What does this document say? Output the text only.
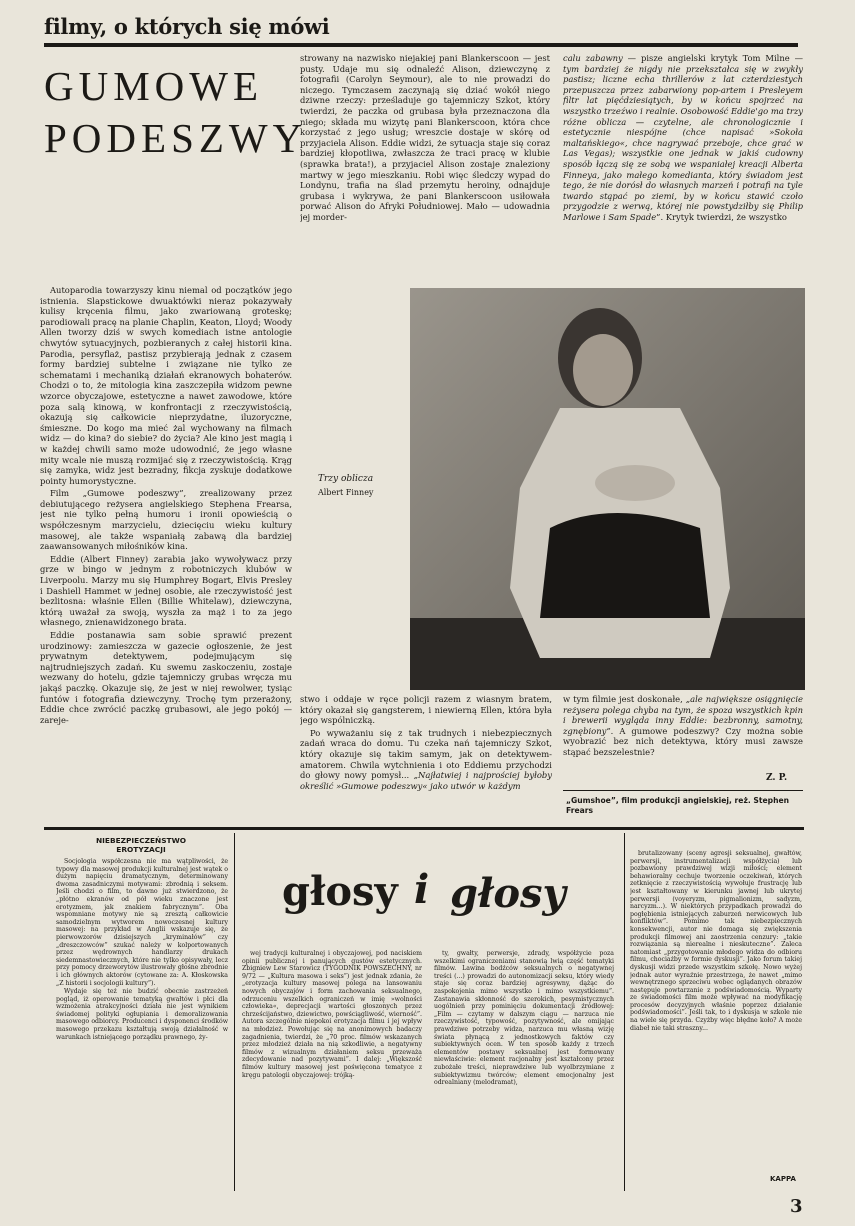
filmy, o których się mówi
GUMOWE
PODESZWY

strowany na nazwisko niejakiej pani Blankerscoon — jest pusty. Udaje mu się odnaleźć Alison, dziewczynę z fotografii (Carolyn Seymour), ale to nie prowadzi do niczego. Tymczasem zaczynają się dziać wokół niego dziwne rzeczy: prześladuje go tajemniczy Szkot, który twierdzi, że paczka od grubasa była przeznaczona dla niego; składa mu wizytę pani Blankerscoon, która chce korzystać z jego usług; wreszcie dostaje w skórę od przyjaciela Alison. Eddie widzi, że sytuacja staje się coraz bardziej kłopotliwa, zwłaszcza że traci pracę w klubie (sprawka brata!), a przyjaciel Alison zostaje znaleziony martwy w jego mieszkaniu. Robi więc śledczy wypad do Londynu, trafia na ślad przemytu heroiny, odnajduje grubasa i wykrywa, że pani Blankerscoon usiłowała porwać Alison do Afryki Południowej. Mało — udowadnia jej morder-

calu zabawny — pisze angielski krytyk Tom Milne — tym bardziej że nigdy nie przekształca się w zwykły pastisz; liczne echa thrillerów z lat czterdziestych przepuszcza przez zabarwiony pop-artem i Presleyem filtr lat pięćdziesiątych, by w końcu spojrzeć na wszystko trzeźwo i realnie. Osobowość Eddie'go ma trzy różne oblicza — czytelne, ale chronologicznie i estetycznie niespójne (chce napisać »Sokoła maltańskiego«, chce nagrywać przeboje, chce grać w Las Vegas); wszystkie one jednak w jakiś cudowny sposób łączą się ze sobą we wspaniałej kreacji Alberta Finneya, jako małego komedianta, który świadom jest tego, że nie dorósł do własnych marzeń i potrafi na tyle twardo stąpać po ziemi, by w końcu stawić czoło przygodzie z werwą, której nie powstydziłby się Philip Marlowe i Sam Spade”. Krytyk twierdzi, że wszystko

Autoparodia towarzyszy kinu niemal od początków jego istnienia. Slapstickowe dwuaktówki nieraz pokazywały kulisy kręcenia filmu, jako zwariowaną groteskę; parodiowali pracę na planie Chaplin, Keaton, Lloyd; Woody Allen tworzy dziś w swych komediach istne antologie chwytów sytuacyjnych, pozbieranych z całej historii kina. Parodia, persyflaż, pastisz przybierają jednak z czasem formy bardziej subtelne i związane nie tylko ze schematami i mechaniką działań ekranowych bohaterów. Chodzi o to, że mitologia kina zaszczepiła widzom pewne wzorce obyczajowe, estetyczne a nawet zawodowe, które poza salą kinową, w konfrontacji z rzeczywistością, okazują się całkowicie nieprzydatne, iluzoryczne, śmieszne. Do kogo ma mieć żal wychowany na filmach widz — do kina? do siebie? do życia? Ale kino jest magią i w każdej chwili samo może udowodnić, że jego własne mity wcale nie muszą rozmijać się z rzeczywistością. Krąg się zamyka, widz jest bezradny, fikcja zyskuje dodatkowe pointy humorystyczne.

Film „Gumowe podeszwy”, zrealizowany przez debiutującego reżysera angielskiego Stephena Frearsa, jest nie tylko pełną humoru i ironii opowieścią o współczesnym marzycielu, dziecięciu wieku kultury masowej, ale także wspaniałą zabawą dla bardziej zaawansowanych miłośników kina.

Eddie (Albert Finney) zarabia jako wywoływacz przy grze w bingo w jednym z robotniczych klubów w Liverpoolu. Marzy mu się Humphrey Bogart, Elvis Presley i Dashiell Hammet w jednej osobie, ale rzeczywistość jest bezlitosna: właśnie Ellen (Billie Whitelaw), dziewczyna, którą uważał za swoją, wyszła za mąż i to za jego własnego, znienawidzonego brata.

Eddie postanawia sam sobie sprawić prezent urodzinowy: zamieszcza w gazecie ogłoszenie, że jest prywatnym detektywem, podejmującym się najtrudniejszych zadań. Ku swemu zaskoczeniu, zostaje wezwany do hotelu, gdzie tajemniczy grubas wręcza mu jakąś paczkę. Okazuje się, że jest w niej rewolwer, tysiąc funtów i fotografia dziewczyny. Trochę tym przerażony, Eddie chce zwrócić paczkę grubasowi, ale jego pokój — zareje-

Trzy oblicza
Albert Finney

stwo i oddaje w ręce policji razem z wiasnym bratem, który okazał się gangsterem, i niewierną Ellen, która była jego wspólniczką.

Po wyważaniu się z tak trudnych i niebezpiecznych zadań wraca do domu. Tu czeka nań tajemniczy Szkot, który okazuje się takim samym, jak on detektywem-amatorem. Chwila wytchnienia i oto Eddiemu przychodzi do głowy nowy pomysł... „Najłatwiej i najprościej byłoby określić »Gumowe podeszwy« jako utwór w każdym

w tym filmie jest doskonałe, „ale największe osiągnięcie reżysera polega chyba na tym, że spoza wszystkich kpin i brewerii wygląda inny Eddie: bezbronny, samotny, zgnębiony”. A gumowe podeszwy? Czy można sobie wyobrazić bez nich detektywa, który musi zawsze stąpać bezszelestnie?

Z. P.
„Gumshoe”, film produkcji angielskiej, reż. Stephen Frears
głosy i głosy
NIEBEZPIECZEŃSTWO
EROTYZACJI

Socjologia współczesna nie ma wątpliwości, że typowy dla masowej produkcji kulturalnej jest wątek o dużym napięciu dramatycznym, determinowany dwoma zasadniczymi motywami: zbrodnią i seksem. Jeśli chodzi o film, to dawno już stwierdzono, że „płótno ekranów od pół wieku znaczone jest erotyzmem, jak znakiem fabrycznym”. Oba wspomniane motywy nie są zresztą całkowicie samodzielnym wytworem nowoczesnej kultury masowej: na przykład w Anglii wskazuje się, że pierwowzorów dzisiejszych „kryminałów” czy „dreszczowców” szukać należy w kolportowanych przez wędrownych handlarzy drukach siedemnastowiecznych, które nie tylko opisywały, lecz przy pomocy drzeworytów ilustrowały głośne zbrodnie i ich głównych aktorów (cytowane za: A. Kłoskowska „Z historii i socjologii kultury”).

Wydaje się też nie budzić obecnie zastrzeżeń pogląd, iż operowanie tematyką gwałtów i płci dla wzmożenia atrakcyjności działa nie jest wynikiem świadomej polityki ogłupiania i demoralizowania masowego odbiorcy. Producenci i dysponenci środków masowego przekazu kształtują swoją działalność w warunkach istniejącego porządku prawnego, ży-

wej tradycji kulturalnej i obyczajowej, pod naciskiem opinii publicznej i panujących gustów estetycznych. Zbigniew Lew Starowicz (TYGODNIK POWSZECHNY, nr 9/72 — „Kultura masowa i seks”) jest jednak zdania, że „erotyzacja kultury masowej polega na lansowaniu nowych obyczajów i form zachowania seksualnego, odrzuceniu wszelkich ograniczeń w imię »wolności człowieka«, deprecjacji wartości głoszonych przez chrześcijaństwo, dziewictwo, powściągliwość, wierność”. Autora szczególnie niepokoi erotyzacja filmu i jej wpływ na młodzież. Powołując się na anonimowych badaczy zagadnienia, twierdzi, że „70 proc. filmów wskazanych przez młodzież działa na nią szkodliwie, a negatywny filmów z wizualnym działaniem seksu przeważa zdecydowanie nad pozytywami”. I dalej: „Większość filmów kultury masowej jest poświęcona tematyce z kręgu patologii obyczajowej: trójką-

ty, gwałty, perwersje, zdrady, współżycie poza wszelkimi ograniczeniami stanowią lwią część tematyki filmów. Lawina bodźców seksualnych o negatywnej treści (...) prowadzi do autonomizacji seksu, który wiedy staje się coraz bardziej agresywny, dążąc do zaspokojenia mimo wszystko i mimo wszystkiemu”. Zastanawia skłonność do szerokich, pesymistycznych uogólnień przy pominięciu dokumentacji źródłowej: „Film — czytamy w dalszym ciągu — narzuca nie rzeczywistość, typowość, pozytywność, ale omijając prawdziwe potrzeby widza, narzuca mu własną wizję świata płynącą z jednostkowych faktów czy subiektywnych ocen. W ten sposób każdy z trzech elementów postawy seksualnej jest formowany niewłaściwie: element racjonalny jest kształcony przez zubożałe treści, nieprawdziwe lub wyolbrzymiane z subiektywizmu twórców; element emocjonalny jest odrealniany (melodramat),

brutalizowany (sceny agresji seksualnej, gwałtów, perwersji, instrumentalizacji współżycia) lub pozbawiony prawdziwej wizji miłości; element behawioralny cechuje tworzenie oczekiwań, których zetknięcie z rzeczywistością wywołuje frustrację lub jest kształtowany w kierunku jawnej lub ukrytej perwersji (voyeryzm, pigmalionizm, sadyzm, narcyzm...). W niektórych przypadkach prowadzi do pogłębienia istniejących zaburzeń nerwicowych lub konfliktów”. Pomimo tak niebezpiecznych konsekwencji, autor nie domaga się zwiększenia produkcji filmowej ani zaostrzenia cenzury: „takie rozwiązania są nierealne i nieskuteczne”. Zaleca natomiast „przygotowanie młodego widza do odbioru filmu, chociażby w formie dyskusji”. Jako forum takiej dyskusji widzi przede wszystkim szkołę. Nowo wyżej jednak autor wyraźnie przestrzega, że nawet „mimo wewnętrznego sprzeciwu wobec oglądanych obrazów następuje powtarzanie z podświadomością. Wyparty ze świadomości film może wpływać na modyfikację procesów decyzyjnych właśnie poprzez działanie podświadomości”. Jeśli tak, to i dyskusja w szkole nie na wiele się przyda. Czyżby więc błędne koło? A może diabeł nie taki straszny...

KAPPA
3
